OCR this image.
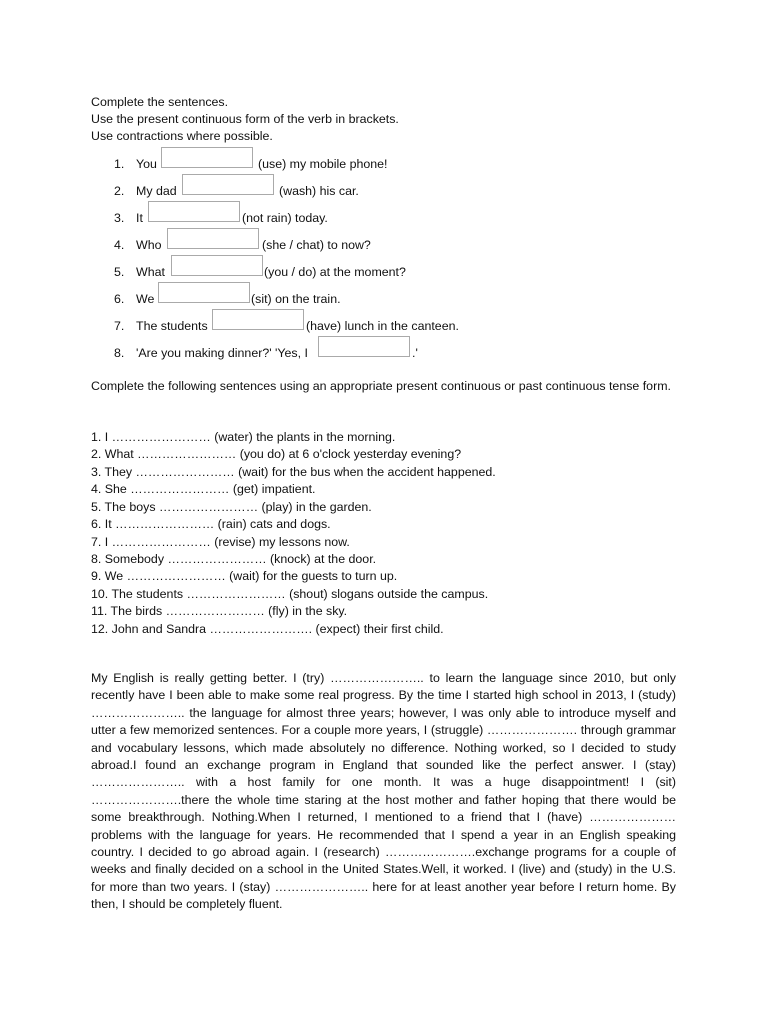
Complete the sentences.
Use the present continuous form of the verb in brackets.
Use contractions where possible.
1. You	(use) my mobile phone!
2. My dad	(wash) his car.
3. It	(not rain) today.
4. Who	(she / chat) to now?
5. What	(you / do) at the moment?
6. We	(sit) on the train.
7. The students	(have) lunch in the canteen.
8. 'Are you making dinner?' 'Yes, I	.'
Complete the following sentences using an appropriate present continuous or past continuous tense form.
1. I …………………… (water) the plants in the morning.
2. What …………………… (you do) at 6 o'clock yesterday evening?
3. They …………………… (wait) for the bus when the accident happened.
4. She …………………… (get) impatient.
5. The boys …………………… (play) in the garden.
6. It …………………… (rain) cats and dogs.
7. I …………………… (revise) my lessons now.
8. Somebody …………………… (knock) at the door.
9. We …………………… (wait) for the guests to turn up.
10. The students …………………… (shout) slogans outside the campus.
11. The birds …………………… (fly) in the sky.
12. John and Sandra ……………………. (expect) their first child.

My English is really getting better. I (try) ………………….. to learn the language since 2010, but only recently have I been able to make some real progress. By the time I started high school in 2013, I (study) ………………….. the language for almost three years; however, I was only able to introduce myself and utter a few memorized sentences. For a couple more years, I (struggle) …………………. through grammar and vocabulary lessons, which made absolutely no difference. Nothing worked, so I decided to study abroad.I found an exchange program in England that sounded like the perfect answer. I (stay) ………………….. with a host family for one month. It was a huge disappointment! I (sit) ………………….there the whole time staring at the host mother and father hoping that there would be some breakthrough. Nothing.When I returned, I mentioned to a friend that I (have) …………………problems with the language for years. He recommended that I spend a year in an English speaking country. I decided to go abroad again. I (research) ………………….exchange programs for a couple of weeks and finally decided on a school in the United States.Well, it worked. I (live) and (study) in the U.S. for more than two years. I (stay) ………………….. here for at least another year before I return home. By then, I should be completely fluent.
